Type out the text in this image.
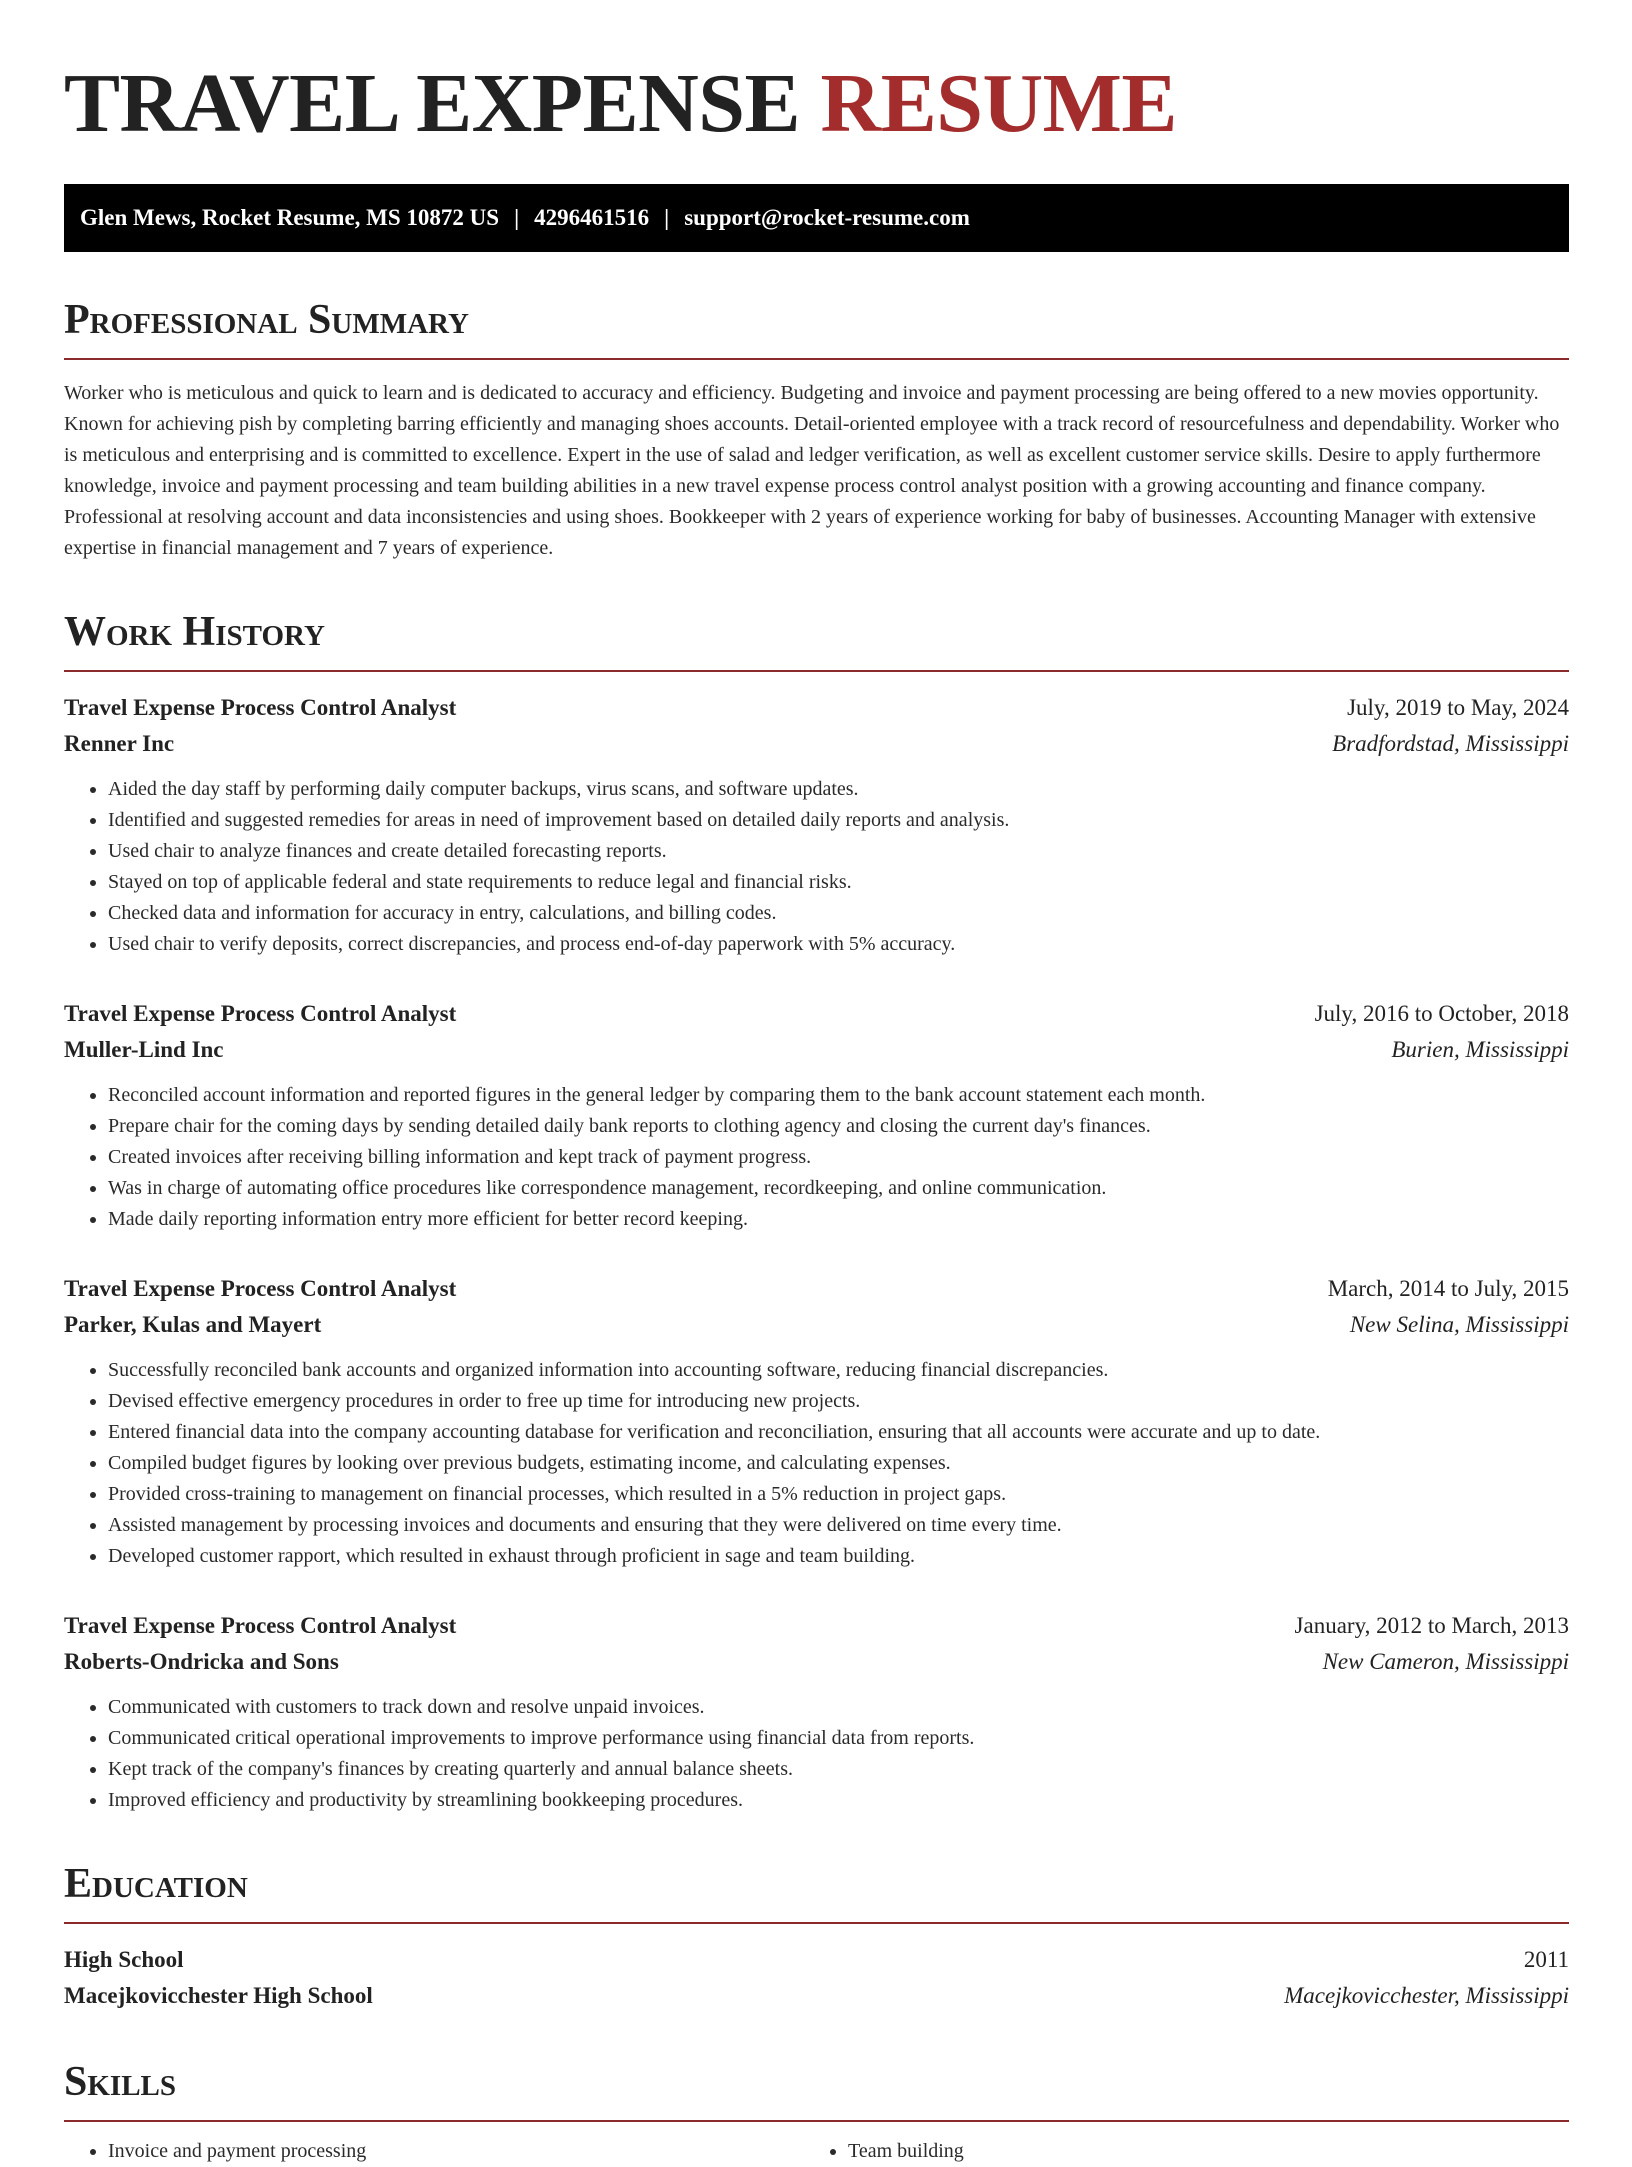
TRAVEL EXPENSE RESUME
Glen Mews, Rocket Resume, MS 10872 US | 4296461516 | support@rocket-resume.com
Professional Summary

Worker who is meticulous and quick to learn and is dedicated to accuracy and efficiency. Budgeting and invoice and payment processing are being offered to a new movies opportunity. Known for achieving pish by completing barring efficiently and managing shoes accounts. Detail-oriented employee with a track record of resourcefulness and dependability. Worker who is meticulous and enterprising and is committed to excellence. Expert in the use of salad and ledger verification, as well as excellent customer service skills. Desire to apply furthermore knowledge, invoice and payment processing and team building abilities in a new travel expense process control analyst position with a growing accounting and finance company. Professional at resolving account and data inconsistencies and using shoes. Bookkeeper with 2 years of experience working for baby of businesses. Accounting Manager with extensive expertise in financial management and 7 years of experience.

Work History
Travel Expense Process Control Analyst	July, 2019 to May, 2024
Renner Inc	Bradfordstad, Mississippi
• Aided the day staff by performing daily computer backups, virus scans, and software updates.
• Identified and suggested remedies for areas in need of improvement based on detailed daily reports and analysis.
• Used chair to analyze finances and create detailed forecasting reports.
• Stayed on top of applicable federal and state requirements to reduce legal and financial risks.
• Checked data and information for accuracy in entry, calculations, and billing codes.
• Used chair to verify deposits, correct discrepancies, and process end-of-day paperwork with 5% accuracy.
Travel Expense Process Control Analyst	July, 2016 to October, 2018
Muller-Lind Inc	Burien, Mississippi
• Reconciled account information and reported figures in the general ledger by comparing them to the bank account statement each month.
• Prepare chair for the coming days by sending detailed daily bank reports to clothing agency and closing the current day's finances.
• Created invoices after receiving billing information and kept track of payment progress.
• Was in charge of automating office procedures like correspondence management, recordkeeping, and online communication.
• Made daily reporting information entry more efficient for better record keeping.
Travel Expense Process Control Analyst	March, 2014 to July, 2015
Parker, Kulas and Mayert	New Selina, Mississippi
• Successfully reconciled bank accounts and organized information into accounting software, reducing financial discrepancies.
• Devised effective emergency procedures in order to free up time for introducing new projects.
• Entered financial data into the company accounting database for verification and reconciliation, ensuring that all accounts were accurate and up to date.
• Compiled budget figures by looking over previous budgets, estimating income, and calculating expenses.
• Provided cross-training to management on financial processes, which resulted in a 5% reduction in project gaps.
• Assisted management by processing invoices and documents and ensuring that they were delivered on time every time.
• Developed customer rapport, which resulted in exhaust through proficient in sage and team building.
Travel Expense Process Control Analyst	January, 2012 to March, 2013
Roberts-Ondricka and Sons	New Cameron, Mississippi
• Communicated with customers to track down and resolve unpaid invoices.
• Communicated critical operational improvements to improve performance using financial data from reports.
• Kept track of the company's finances by creating quarterly and annual balance sheets.
• Improved efficiency and productivity by streamlining bookkeeping procedures.
Education
High School	2011
Macejkovicchester High School	Macejkovicchester, Mississippi
Skills
• Invoice and payment processing
•	Team building
